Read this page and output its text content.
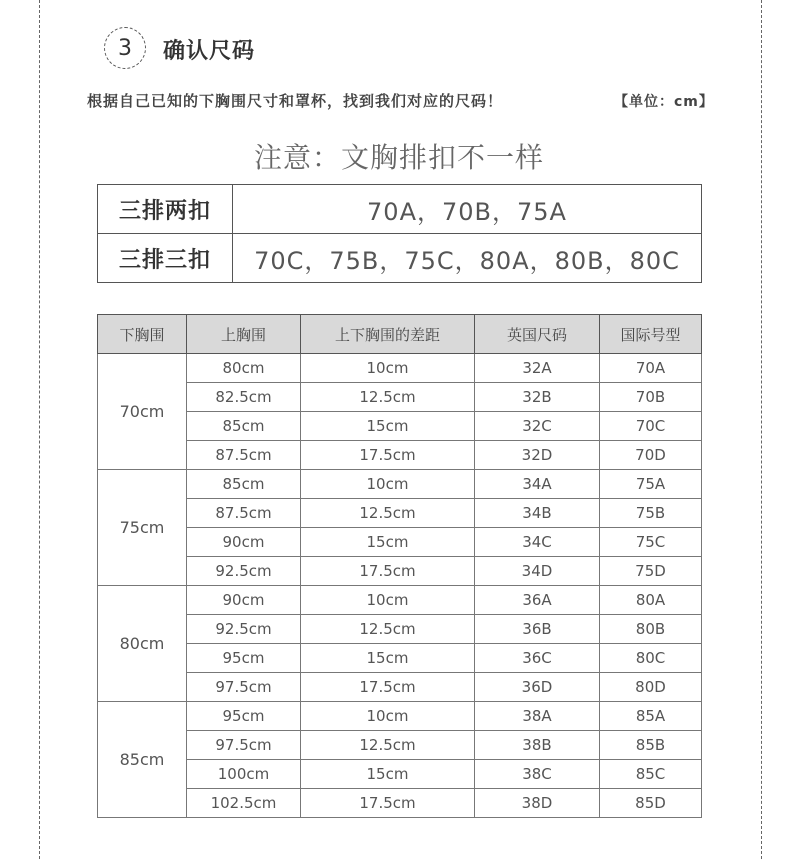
3 确认尺码
根据自己已知的下胸围尺寸和罩杯，找到我们对应的尺码！	【单位：cm】
注意：文胸排扣不一样
三排两扣	70A，70B，75A
三排三扣	70C，75B，75C，80A，80B，80C
下胸围	上胸围	上下胸围的差距	英国尺码	国际号型
70cm	80cm	10cm	32A	70A
	82.5cm	12.5cm	32B	70B
	85cm	15cm	32C	70C
	87.5cm	17.5cm	32D	70D
75cm	85cm	10cm	34A	75A
	87.5cm	12.5cm	34B	75B
	90cm	15cm	34C	75C
	92.5cm	17.5cm	34D	75D
80cm	90cm	10cm	36A	80A
	92.5cm	12.5cm	36B	80B
	95cm	15cm	36C	80C
	97.5cm	17.5cm	36D	80D
85cm	95cm	10cm	38A	85A
	97.5cm	12.5cm	38B	85B
	100cm	15cm	38C	85C
	102.5cm	17.5cm	38D	85D
